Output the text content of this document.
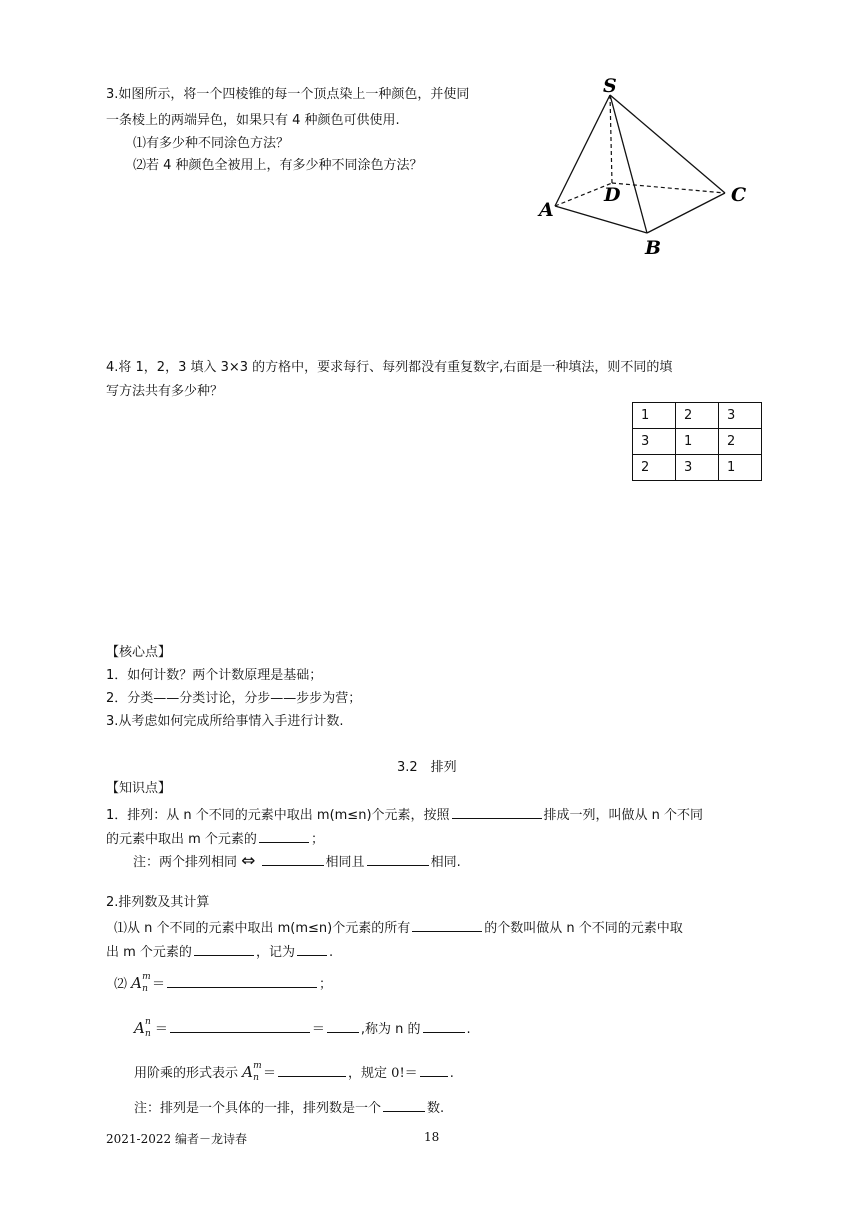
3.如图所示，将一个四棱锥的每一个顶点染上一种颜色，并使同
一条棱上的两端异色，如果只有 4 种颜色可供使用.
⑴有多少种不同涂色方法？
⑵若 4 种颜色全被用上，有多少种不同涂色方法？
S
A
B
C
D
4.将 1，2，3 填入 3×3 的方格中，要求每行、每列都没有重复数字,右面是一种填法，则不同的填
写方法共有多少种？
1	2	3
3	1	2
2	3	1
【核心点】
1．如何计数？两个计数原理是基础；
2．分类——分类讨论，分步——步步为营；
3.从考虑如何完成所给事情入手进行计数.
3.2　排列
【知识点】
1．排列：从 n 个不同的元素中取出 m(m≤n)个元素，按照	排成一列，叫做从 n 个不同
的元素中取出 m 个元素的	；
注：两个排列相同 ⇔	相同且	相同.
2.排列数及其计算
⑴从 n 个不同的元素中取出 m(m≤n)个元素的所有	的个数叫做从 n 个不同的元素中取
出 m 个元素的	，记为	.
⑵ A m
n ＝	；
A n
n ＝	＝	,称为 n 的	.
用阶乘的形式表示 A m
n ＝	，规定 0!＝ .
注：排列是一个具体的一排，排列数是一个	数.
2021-2022 编者－龙诗春	18
